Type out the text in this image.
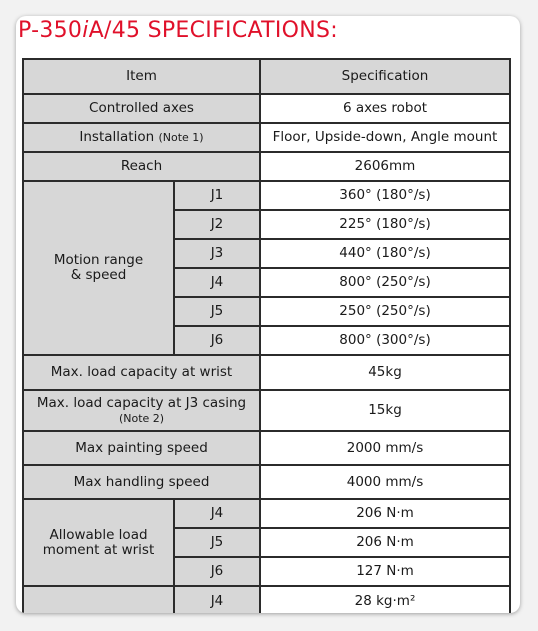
P-350iA/45 SPECIFICATIONS:
Item		Specification
Controlled axes		6 axes robot
Installation (Note 1)		Floor, Upside-down, Angle mount
Reach		2606mm
Motion range
& speed	J1	360° (180°/s)
	J2	225° (180°/s)
	J3	440° (180°/s)
	J4	800° (250°/s)
	J5	250° (250°/s)
	J6	800° (300°/s)
Max. load capacity at wrist		45kg
Max. load capacity at J3 casing
(Note 2)		15kg
Max painting speed		2000 mm/s
Max handling speed		4000 mm/s
Allowable load
moment at wrist	J4	206 N·m
	J5	206 N·m
	J6	127 N·m
	J4	28 kg·m²
